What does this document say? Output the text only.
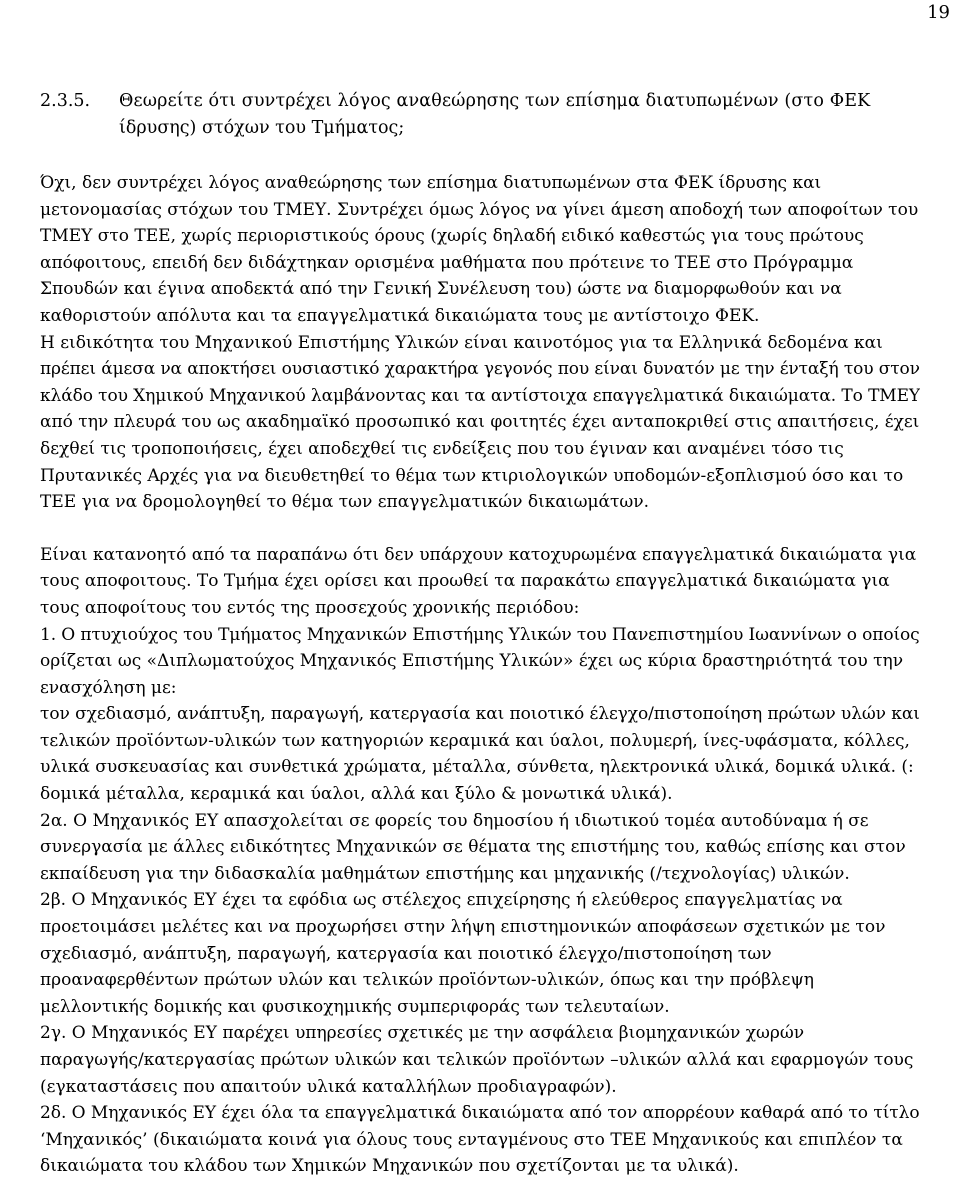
19
2.3.5.	Θεωρείτε ότι συντρέχει λόγος αναθεώρησης των επίσημα διατυπωμένων (στο ΦΕΚ
ίδρυσης) στόχων του Τμήματος;
Όχι, δεν συντρέχει λόγος αναθεώρησης των επίσημα διατυπωμένων στα ΦΕΚ ίδρυσης και
μετονομασίας στόχων του ΤΜΕΥ. Συντρέχει όμως λόγος να γίνει άμεση αποδοχή των αποφοίτων του
ΤΜΕΥ στο ΤΕΕ, χωρίς περιοριστικούς όρους (χωρίς δηλαδή ειδικό καθεστώς για τους πρώτους
απόφοιτους, επειδή δεν διδάχτηκαν ορισμένα μαθήματα που πρότεινε το ΤΕΕ στο Πρόγραμμα
Σπουδών και έγινα αποδεκτά από την Γενική Συνέλευση του) ώστε να διαμορφωθούν και να
καθοριστούν απόλυτα και τα επαγγελματικά δικαιώματα τους με αντίστοιχο ΦΕΚ.
Η ειδικότητα του Μηχανικού Επιστήμης Υλικών είναι καινοτόμος για τα Ελληνικά δεδομένα και
πρέπει άμεσα να αποκτήσει ουσιαστικό χαρακτήρα γεγονός που είναι δυνατόν με την ένταξή του στον
κλάδο του Χημικού Μηχανικού λαμβάνοντας και τα αντίστοιχα επαγγελματικά δικαιώματα. Το ΤΜΕΥ
από την πλευρά του ως ακαδημαϊκό προσωπικό και φοιτητές έχει ανταποκριθεί στις απαιτήσεις, έχει
δεχθεί τις τροποποιήσεις, έχει αποδεχθεί τις ενδείξεις που του έγιναν και αναμένει τόσο τις
Πρυτανικές Αρχές για να διευθετηθεί το θέμα των κτιριολογικών υποδομών-εξοπλισμού όσο και το
ΤΕΕ για να δρομολογηθεί το θέμα των επαγγελματικών δικαιωμάτων.
Είναι κατανοητό από τα παραπάνω ότι δεν υπάρχουν κατοχυρωμένα επαγγελματικά δικαιώματα για
τους αποφοιτους. Το Τμήμα έχει ορίσει και προωθεί τα παρακάτω επαγγελματικά δικαιώματα για
τους αποφοίτους του εντός της προσεχούς χρονικής περιόδου:
1. Ο πτυχιούχος του Τμήματος Μηχανικών Επιστήμης Υλικών του Πανεπιστημίου Ιωαννίνων ο οποίος
ορίζεται ως «Διπλωματούχος Μηχανικός Επιστήμης Υλικών» έχει ως κύρια δραστηριότητά του την
ενασχόληση με:
τον σχεδιασμό, ανάπτυξη, παραγωγή, κατεργασία και ποιοτικό έλεγχο/πιστοποίηση πρώτων υλών και
τελικών προϊόντων-υλικών των κατηγοριών κεραμικά και ύαλοι, πολυμερή, ίνες-υφάσματα, κόλλες,
υλικά συσκευασίας και συνθετικά χρώματα, μέταλλα, σύνθετα, ηλεκτρονικά υλικά, δομικά υλικά. (:
δομικά μέταλλα, κεραμικά και ύαλοι, αλλά και ξύλο & μονωτικά υλικά).
2α. Ο Μηχανικός ΕΥ απασχολείται σε φορείς του δημοσίου ή ιδιωτικού τομέα αυτοδύναμα ή σε
συνεργασία με άλλες ειδικότητες Μηχανικών σε θέματα της επιστήμης του, καθώς επίσης και στον
εκπαίδευση για την διδασκαλία μαθημάτων επιστήμης και μηχανικής (/τεχνολογίας) υλικών.
2β. Ο Μηχανικός ΕΥ έχει τα εφόδια ως στέλεχος επιχείρησης ή ελεύθερος επαγγελματίας να
προετοιμάσει μελέτες και να προχωρήσει στην λήψη επιστημονικών αποφάσεων σχετικών με τον
σχεδιασμό, ανάπτυξη, παραγωγή, κατεργασία και ποιοτικό έλεγχο/πιστοποίηση των
προαναφερθέντων πρώτων υλών και τελικών προϊόντων-υλικών, όπως και την πρόβλεψη
μελλοντικής δομικής και φυσικοχημικής συμπεριφοράς των τελευταίων.
2γ. Ο Μηχανικός ΕΥ παρέχει υπηρεσίες σχετικές με την ασφάλεια βιομηχανικών χωρών
παραγωγής/κατεργασίας πρώτων υλικών και τελικών προϊόντων –υλικών αλλά και εφαρμογών τους
(εγκαταστάσεις που απαιτούν υλικά καταλλήλων προδιαγραφών).
2δ. Ο Μηχανικός ΕΥ έχει όλα τα επαγγελματικά δικαιώματα από τον απορρέουν καθαρά από το τίτλο
‘Μηχανικός’ (δικαιώματα κοινά για όλους τους ενταγμένους στο ΤΕΕ Μηχανικούς και επιπλέον τα
δικαιώματα του κλάδου των Χημικών Μηχανικών που σχετίζονται με τα υλικά).
